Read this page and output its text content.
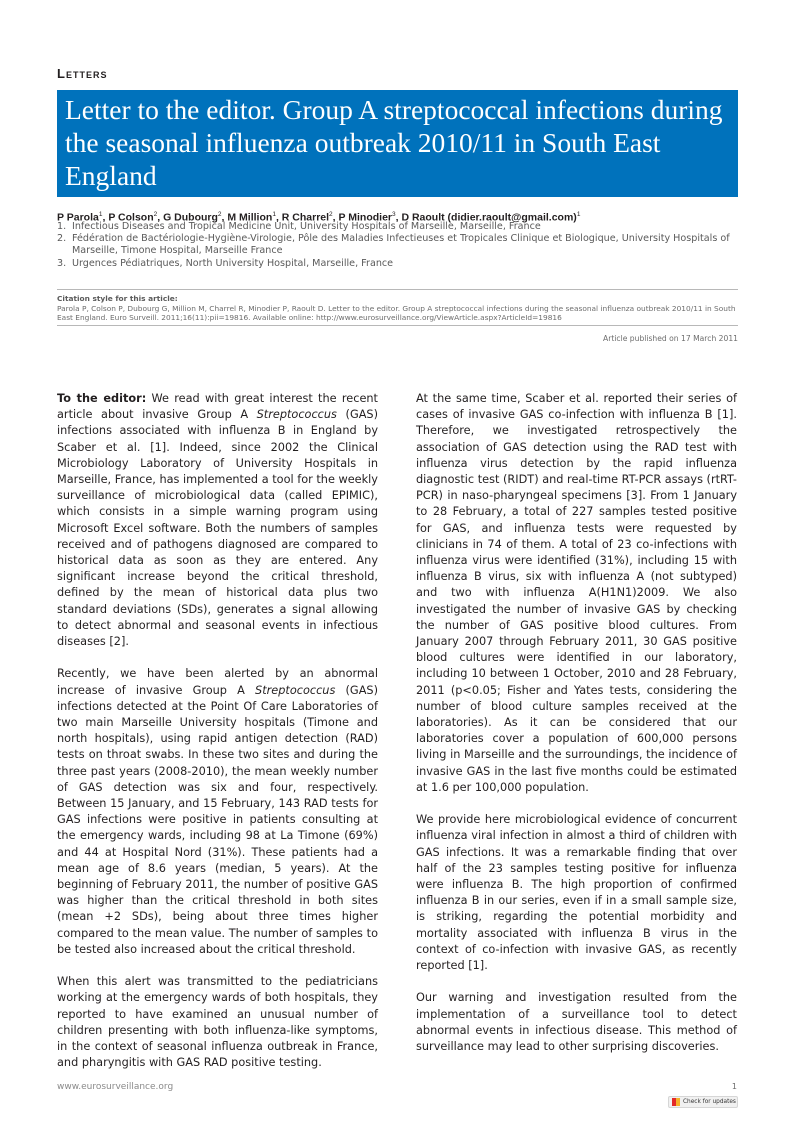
Letters
Letter to the editor. Group A streptococcal infections during the seasonal influenza outbreak 2010/11 in South East England
P Parola$^1$, P Colson$^2$, G Dubourg$^2$, M Million$^1$, R Charrel$^2$, P Minodier$^3$, D Raoult (didier.raoult@gmail.com)$^1$
1. Infectious Diseases and Tropical Medicine Unit, University Hospitals of Marseille, Marseille, France
2. Fédération de Bactériologie-Hygiène-Virologie, Pôle des Maladies Infectieuses et Tropicales Clinique et Biologique, University Hospitals of Marseille, Timone Hospital, Marseille France
3. Urgences Pédiatriques, North University Hospital, Marseille, France
Citation style for this article:
Parola P, Colson P, Dubourg G, Million M, Charrel R, Minodier P, Raoult D. Letter to the editor. Group A streptococcal infections during the seasonal influenza outbreak 2010/11 in South East England. Euro Surveill. 2011;16(11):pii=19816. Available online: http://www.eurosurveillance.org/ViewArticle.aspx?ArticleId=19816
Article published on 17 March 2011

To the editor: We read with great interest the recent article about invasive Group A Streptococcus (GAS) infections associated with influenza B in England by Scaber et al. [1]. Indeed, since 2002 the Clinical Microbiology Laboratory of University Hospitals in Marseille, France, has implemented a tool for the weekly surveillance of microbiological data (called EPIMIC), which consists in a simple warning program using Microsoft Excel software. Both the numbers of samples received and of pathogens diagnosed are compared to historical data as soon as they are entered. Any significant increase beyond the critical threshold, defined by the mean of historical data plus two standard deviations (SDs), generates a signal allowing to detect abnormal and seasonal events in infectious diseases [2].

Recently, we have been alerted by an abnormal increase of invasive Group A Streptococcus (GAS) infections detected at the Point Of Care Laboratories of two main Marseille University hospitals (Timone and north hospitals), using rapid antigen detection (RAD) tests on throat swabs. In these two sites and during the three past years (2008-2010), the mean weekly number of GAS detection was six and four, respectively. Between 15 January, and 15 February, 143 RAD tests for GAS infections were positive in patients consulting at the emergency wards, including 98 at La Timone (69%) and 44 at Hospital Nord (31%). These patients had a mean age of 8.6 years (median, 5 years). At the beginning of February 2011, the number of positive GAS was higher than the critical threshold in both sites (mean +2 SDs), being about three times higher compared to the mean value. The number of samples to be tested also increased about the critical threshold.

When this alert was transmitted to the pediatricians working at the emergency wards of both hospitals, they reported to have examined an unusual number of children presenting with both influenza-like symptoms, in the context of seasonal influenza outbreak in France, and pharyngitis with GAS RAD positive testing.

At the same time, Scaber et al. reported their series of cases of invasive GAS co-infection with influenza B [1]. Therefore, we investigated retrospectively the association of GAS detection using the RAD test with influenza virus detection by the rapid influenza diagnostic test (RIDT) and real-time RT-PCR assays (rtRT-PCR) in naso-pharyngeal specimens [3]. From 1 January to 28 February, a total of 227 samples tested positive for GAS, and influenza tests were requested by clinicians in 74 of them. A total of 23 co-infections with influenza virus were identified (31%), including 15 with influenza B virus, six with influenza A (not subtyped) and two with influenza A(H1N1)2009. We also investigated the number of invasive GAS by checking the number of GAS positive blood cultures. From January 2007 through February 2011, 30 GAS positive blood cultures were identified in our laboratory, including 10 between 1 October, 2010 and 28 February, 2011 (p<0.05; Fisher and Yates tests, considering the number of blood culture samples received at the laboratories). As it can be considered that our laboratories cover a population of 600,000 persons living in Marseille and the surroundings, the incidence of invasive GAS in the last five months could be estimated at 1.6 per 100,000 population.

We provide here microbiological evidence of concurrent influenza viral infection in almost a third of children with GAS infections. It was a remarkable finding that over half of the 23 samples testing positive for influenza were influenza B. The high proportion of confirmed influenza B in our series, even if in a small sample size, is striking, regarding the potential morbidity and mortality associated with influenza B virus in the context of co-infection with invasive GAS, as recently reported [1].

Our warning and investigation resulted from the implementation of a surveillance tool to detect abnormal events in infectious disease. This method of surveillance may lead to other surprising discoveries.

www.eurosurveillance.org	1
Check for updates
